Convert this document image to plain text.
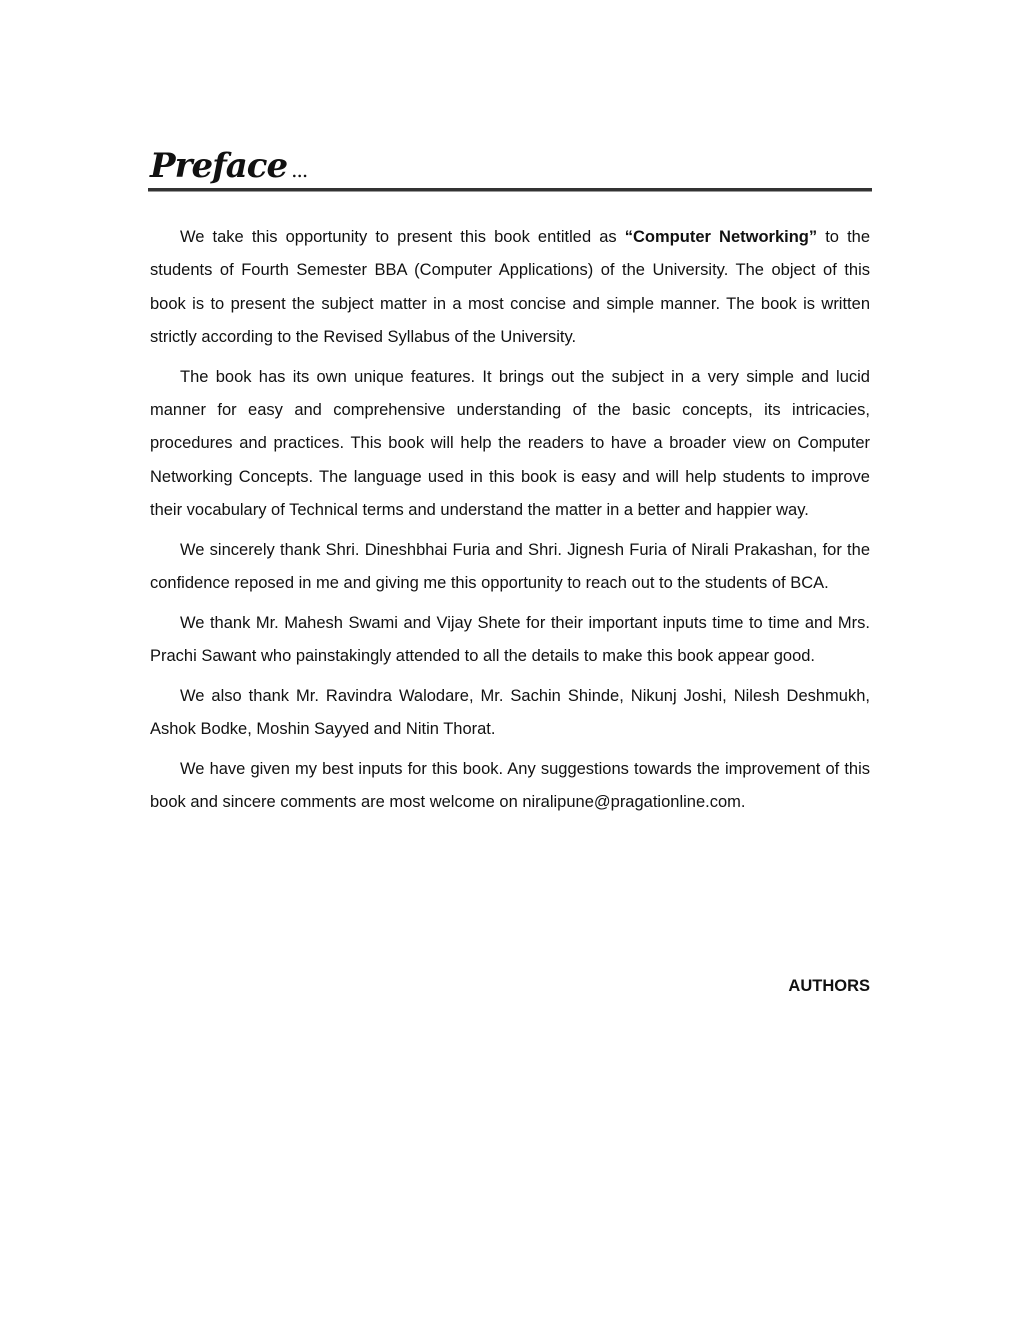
Preface ...

We take this opportunity to present this book entitled as “Computer Networking” to the students of Fourth Semester BBA (Computer Applications) of the University. The object of this book is to present the subject matter in a most concise and simple manner. The book is written strictly according to the Revised Syllabus of the University.

The book has its own unique features. It brings out the subject in a very simple and lucid manner for easy and comprehensive understanding of the basic concepts, its intricacies, procedures and practices. This book will help the readers to have a broader view on Computer Networking Concepts. The language used in this book is easy and will help students to improve their vocabulary of Technical terms and understand the matter in a better and happier way.

We sincerely thank Shri. Dineshbhai Furia and Shri. Jignesh Furia of Nirali Prakashan, for the confidence reposed in me and giving me this opportunity to reach out to the students of BCA.

We thank Mr. Mahesh Swami and Vijay Shete for their important inputs time to time and Mrs. Prachi Sawant who painstakingly attended to all the details to make this book appear good.

We also thank Mr. Ravindra Walodare, Mr. Sachin Shinde, Nikunj Joshi, Nilesh Deshmukh, Ashok Bodke, Moshin Sayyed and Nitin Thorat.

We have given my best inputs for this book. Any suggestions towards the improvement of this book and sincere comments are most welcome on niralipune@pragationline.com.

AUTHORS
